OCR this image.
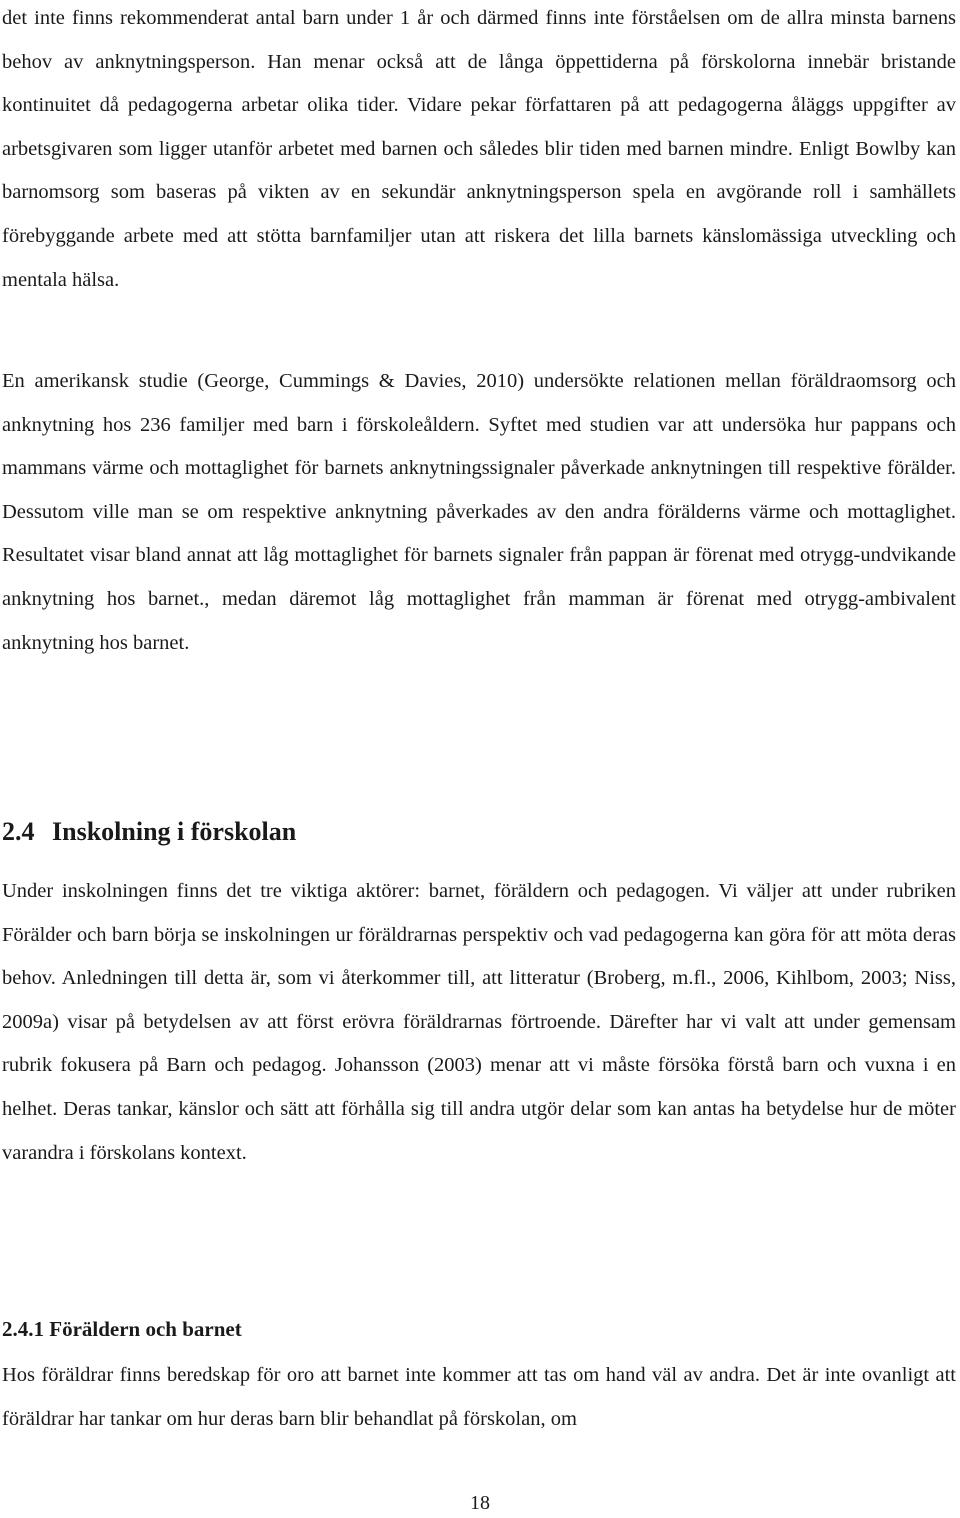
det inte finns rekommenderat antal barn under 1 år och därmed finns inte förståelsen om de allra minsta barnens behov av anknytningsperson. Han menar också att de långa öppettiderna på förskolorna innebär bristande kontinuitet då pedagogerna arbetar olika tider. Vidare pekar författaren på att pedagogerna åläggs uppgifter av arbetsgivaren som ligger utanför arbetet med barnen och således blir tiden med barnen mindre. Enligt Bowlby kan barnomsorg som baseras på vikten av en sekundär anknytningsperson spela en avgörande roll i samhällets förebyggande arbete med att stötta barnfamiljer utan att riskera det lilla barnets känslomässiga utveckling och mentala hälsa.

En amerikansk studie (George, Cummings & Davies, 2010) undersökte relationen mellan föräldraomsorg och anknytning hos 236 familjer med barn i förskoleåldern. Syftet med studien var att undersöka hur pappans och mammans värme och mottaglighet för barnets anknytningssignaler påverkade anknytningen till respektive förälder. Dessutom ville man se om respektive anknytning påverkades av den andra förälderns värme och mottaglighet. Resultatet visar bland annat att låg mottaglighet för barnets signaler från pappan är förenat med otrygg-undvikande anknytning hos barnet., medan däremot låg mottaglighet från mamman är förenat med otrygg-ambivalent anknytning hos barnet.

2.4 Inskolning i förskolan

Under inskolningen finns det tre viktiga aktörer: barnet, föräldern och pedagogen. Vi väljer att under rubriken Förälder och barn börja se inskolningen ur föräldrarnas perspektiv och vad pedagogerna kan göra för att möta deras behov. Anledningen till detta är, som vi återkommer till, att litteratur (Broberg, m.fl., 2006, Kihlbom, 2003; Niss, 2009a) visar på betydelsen av att först erövra föräldrarnas förtroende. Därefter har vi valt att under gemensam rubrik fokusera på Barn och pedagog. Johansson (2003) menar att vi måste försöka förstå barn och vuxna i en helhet. Deras tankar, känslor och sätt att förhålla sig till andra utgör delar som kan antas ha betydelse hur de möter varandra i förskolans kontext.

2.4.1 Föräldern och barnet

Hos föräldrar finns beredskap för oro att barnet inte kommer att tas om hand väl av andra. Det är inte ovanligt att föräldrar har tankar om hur deras barn blir behandlat på förskolan, om

18
